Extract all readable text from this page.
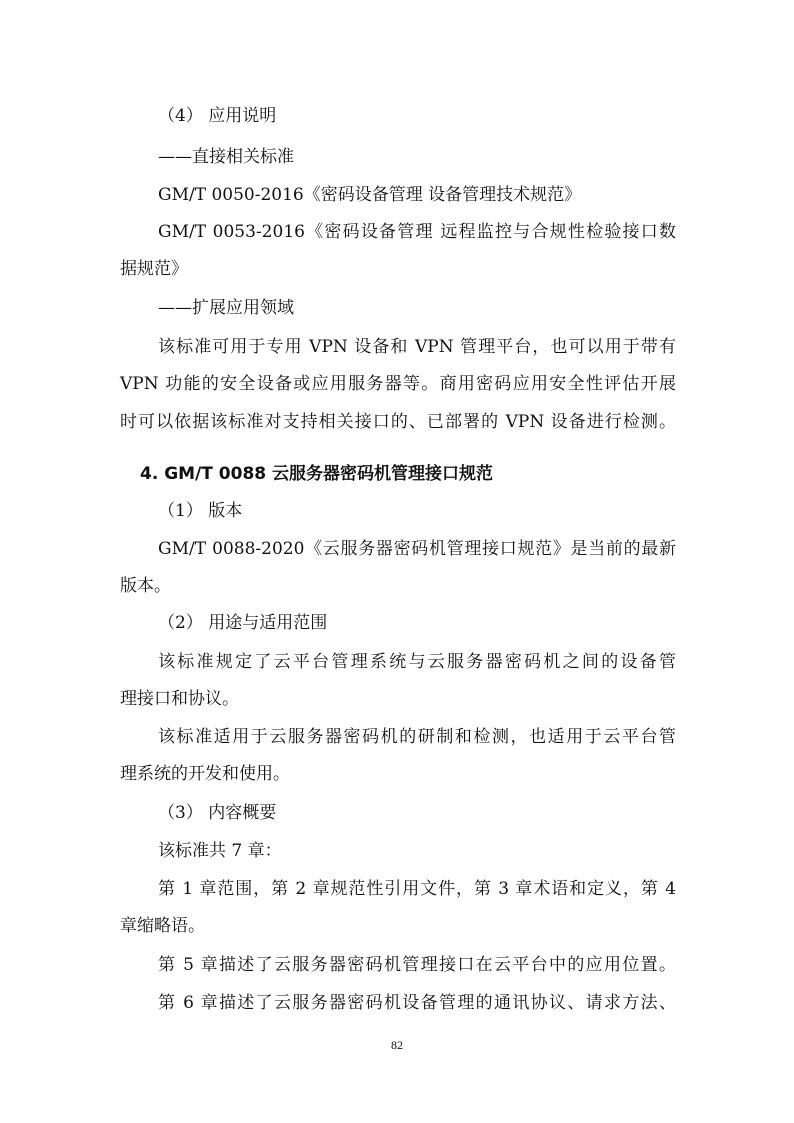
（4） 应用说明
——直接相关标准
GM/T 0050-2016《密码设备管理 设备管理技术规范》
GM/T 0053-2016《密码设备管理 远程监控与合规性检验接口数
据规范》
——扩展应用领域
该标准可用于专用 VPN 设备和 VPN 管理平台，也可以用于带有
VPN 功能的安全设备或应用服务器等。商用密码应用安全性评估开展
时可以依据该标准对支持相关接口的、已部署的 VPN 设备进行检测。
4. GM/T 0088 云服务器密码机管理接口规范
（1） 版本
GM/T 0088-2020《云服务器密码机管理接口规范》是当前的最新
版本。
（2） 用途与适用范围
该标准规定了云平台管理系统与云服务器密码机之间的设备管
理接口和协议。
该标准适用于云服务器密码机的研制和检测，也适用于云平台管
理系统的开发和使用。
（3） 内容概要
该标准共 7 章：
第 1 章范围，第 2 章规范性引用文件，第 3 章术语和定义，第 4
章缩略语。
第 5 章描述了云服务器密码机管理接口在云平台中的应用位置。
第 6 章描述了云服务器密码机设备管理的通讯协议、请求方法、
82
